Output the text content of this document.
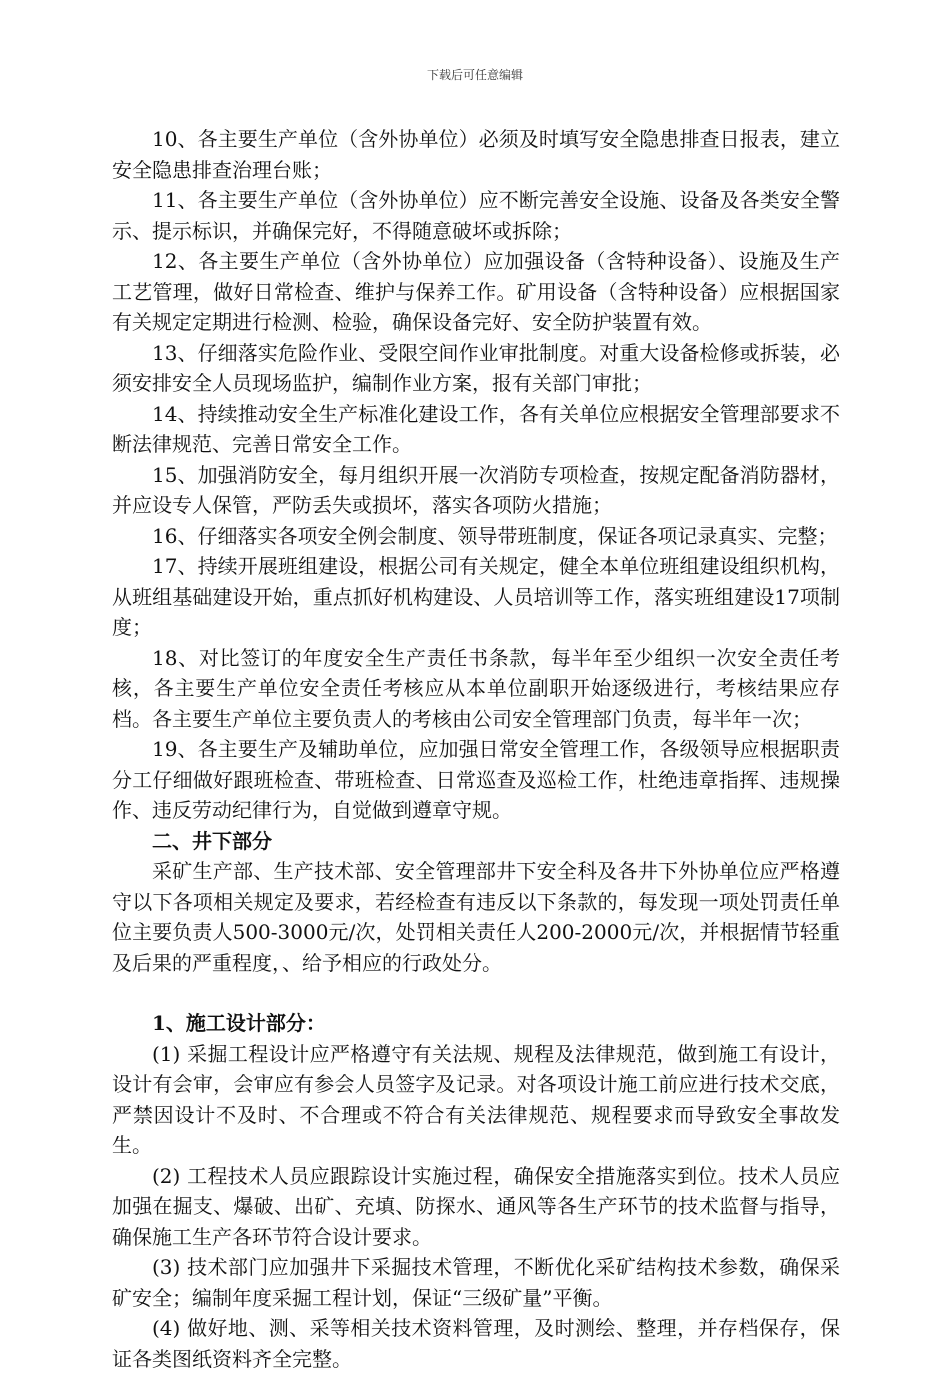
下载后可任意编辑

10、各主要生产单位（含外协单位）必须及时填写安全隐患排查日报表，建立安全隐患排查治理台账；

11、各主要生产单位（含外协单位）应不断完善安全设施、设备及各类安全警示、提示标识，并确保完好，不得随意破坏或拆除；

12、各主要生产单位（含外协单位）应加强设备（含特种设备）、设施及生产工艺管理，做好日常检查、维护与保养工作。矿用设备（含特种设备）应根据国家有关规定定期进行检测、检验，确保设备完好、安全防护装置有效。

13、仔细落实危险作业、受限空间作业审批制度。对重大设备检修或拆装，必须安排安全人员现场监护，编制作业方案，报有关部门审批；

14、持续推动安全生产标准化建设工作，各有关单位应根据安全管理部要求不断法律规范、完善日常安全工作。

15、加强消防安全，每月组织开展一次消防专项检查，按规定配备消防器材，并应设专人保管，严防丢失或损坏，落实各项防火措施；

16、仔细落实各项安全例会制度、领导带班制度，保证各项记录真实、完整；

17、持续开展班组建设，根据公司有关规定，健全本单位班组建设组织机构，从班组基础建设开始，重点抓好机构建设、人员培训等工作，落实班组建设17项制度；

18、对比签订的年度安全生产责任书条款，每半年至少组织一次安全责任考核，各主要生产单位安全责任考核应从本单位副职开始逐级进行，考核结果应存档。各主要生产单位主要负责人的考核由公司安全管理部门负责，每半年一次；

19、各主要生产及辅助单位，应加强日常安全管理工作，各级领导应根据职责分工仔细做好跟班检查、带班检查、日常巡查及巡检工作，杜绝违章指挥、违规操作、违反劳动纪律行为，自觉做到遵章守规。

二、井下部分

采矿生产部、生产技术部、安全管理部井下安全科及各井下外协单位应严格遵守以下各项相关规定及要求，若经检查有违反以下条款的，每发现一项处罚责任单位主要负责人500-3000元/次，处罚相关责任人200-2000元/次，并根据情节轻重及后果的严重程度，、给予相应的行政处分。

1、施工设计部分：

(1) 采掘工程设计应严格遵守有关法规、规程及法律规范，做到施工有设计，设计有会审，会审应有参会人员签字及记录。对各项设计施工前应进行技术交底，严禁因设计不及时、不合理或不符合有关法律规范、规程要求而导致安全事故发生。

(2) 工程技术人员应跟踪设计实施过程，确保安全措施落实到位。技术人员应加强在掘支、爆破、出矿、充填、防探水、通风等各生产环节的技术监督与指导，确保施工生产各环节符合设计要求。

(3) 技术部门应加强井下采掘技术管理，不断优化采矿结构技术参数，确保采矿安全；编制年度采掘工程计划，保证“三级矿量”平衡。

(4) 做好地、测、采等相关技术资料管理，及时测绘、整理，并存档保存，保证各类图纸资料齐全完整。
